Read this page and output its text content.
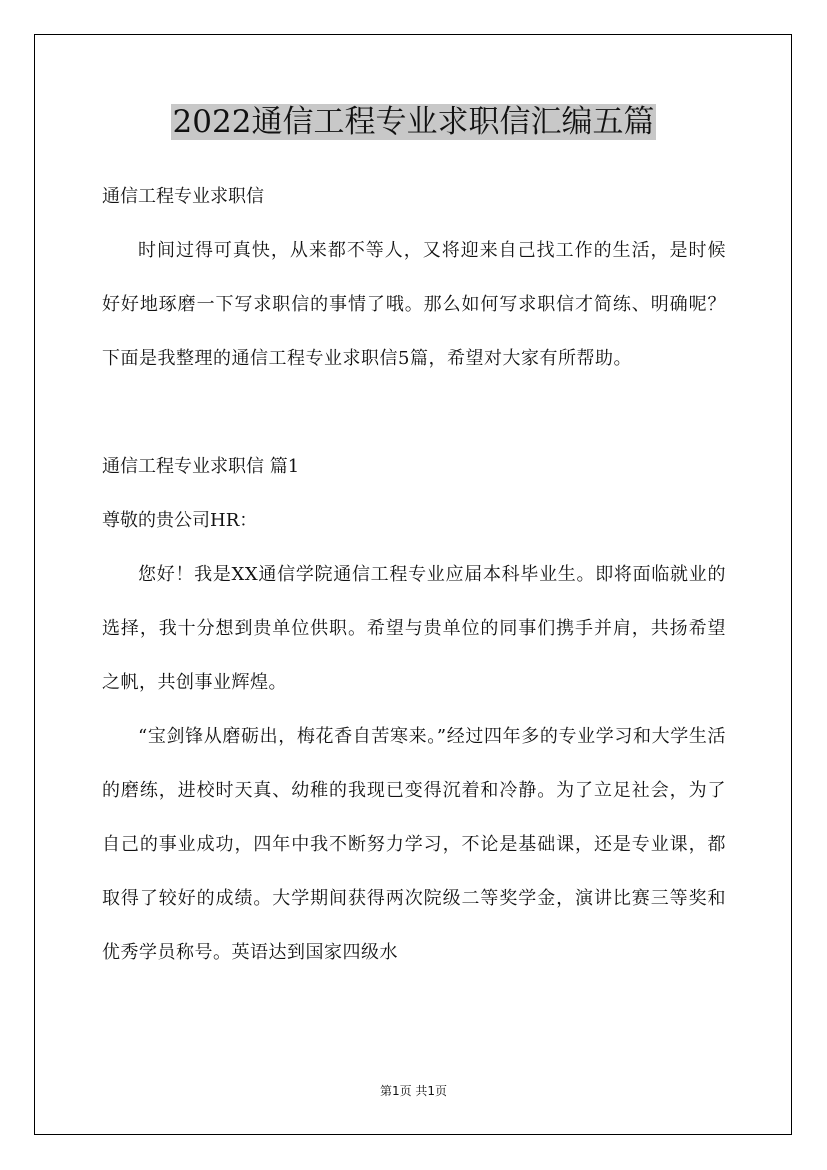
2022通信工程专业求职信汇编五篇

通信工程专业求职信

时间过得可真快，从来都不等人，又将迎来自己找工作的生活，是时候好好地琢磨一下写求职信的事情了哦。那么如何写求职信才简练、明确呢？下面是我整理的通信工程专业求职信5篇，希望对大家有所帮助。

通信工程专业求职信 篇1

尊敬的贵公司HR：

您好！我是XX通信学院通信工程专业应届本科毕业生。即将面临就业的选择，我十分想到贵单位供职。希望与贵单位的同事们携手并肩，共扬希望之帆，共创事业辉煌。

“宝剑锋从磨砺出，梅花香自苦寒来。”经过四年多的专业学习和大学生活的磨练，进校时天真、幼稚的我现已变得沉着和冷静。为了立足社会，为了自己的事业成功，四年中我不断努力学习，不论是基础课，还是专业课，都取得了较好的成绩。大学期间获得两次院级二等奖学金，演讲比赛三等奖和优秀学员称号。英语达到国家四级水

第1页 共1页
